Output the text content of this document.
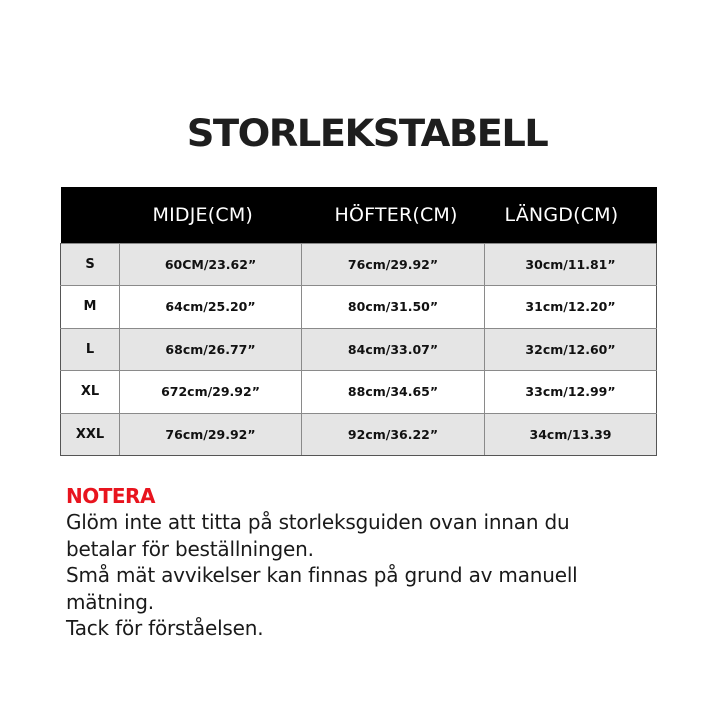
STORLEKSTABELL
	MIDJE(CM)	HÖFTER(CM)	LÄNGD(CM)
S	60CM/23.62”	76cm/29.92”	30cm/11.81”
M	64cm/25.20”	80cm/31.50”	31cm/12.20”
L	68cm/26.77”	84cm/33.07”	32cm/12.60”
XL	672cm/29.92”	88cm/34.65”	33cm/12.99”
XXL	76cm/29.92”	92cm/36.22”	34cm/13.39
NOTERA
Glöm inte att titta på storleksguiden ovan innan du
betalar för beställningen.
Små mät avvikelser kan finnas på grund av manuell
mätning.
Tack för förståelsen.
